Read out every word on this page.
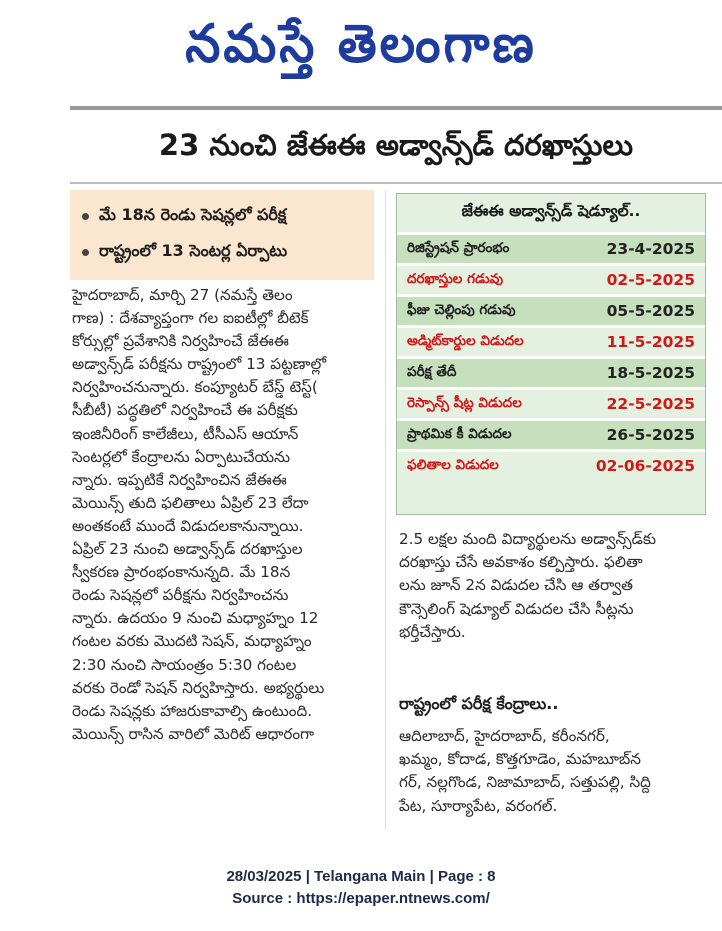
నమస్తే తెలంగాణ
23 నుంచి జేఈఈ అడ్వాన్స్‌డ్ దరఖాస్తులు
మే 18న రెండు సెషన్లలో పరీక్ష
రాష్ట్రంలో 13 సెంటర్ల ఏర్పాటు
హైదరాబాద్, మార్చి 27 (నమస్తే తెలం
గాణ) : దేశవ్యాప్తంగా గల ఐఐటీల్లో బీటెక్
కోర్సుల్లో ప్రవేశానికి నిర్వహించే జేఈఈ
అడ్వాన్స్‌డ్ పరీక్షను రాష్ట్రంలో 13 పట్టణాల్లో
నిర్వహించనున్నారు. కంప్యూటర్ బేస్డ్ టెస్ట్(
సీబీటీ) పద్ధతిలో నిర్వహించే ఈ పరీక్షకు
ఇంజినీరింగ్ కాలేజీలు, టీసీఎస్ ఆయాన్
సెంటర్లలో కేంద్రాలను ఏర్పాటుచేయను
న్నారు. ఇప్పటికే నిర్వహించిన జేఈఈ
మెయిన్స్ తుది ఫలితాలు ఏప్రిల్ 23 లేదా
అంతకంటే ముందే విడుదలకానున్నాయి.
ఏప్రిల్ 23 నుంచి అడ్వాన్స్‌డ్ దరఖాస్తుల
స్వీకరణ ప్రారంభంకానున్నది. మే 18న
రెండు సెషన్లలో పరీక్షను నిర్వహించను
న్నారు. ఉదయం 9 నుంచి మధ్యాహ్నం 12
గంటల వరకు మొదటి సెషన్, మధ్యాహ్నం
2:30 నుంచి సాయంత్రం 5:30 గంటల
వరకు రెండో సెషన్ నిర్వహిస్తారు. అభ్యర్థులు
రెండు సెషన్లకు హాజరుకావాల్సి ఉంటుంది.
మెయిన్స్ రాసిన వారిలో మెరిట్ ఆధారంగా
జేఈఈ అడ్వాన్స్‌డ్ షెడ్యూల్..
రిజిస్ట్రేషన్ ప్రారంభం	23-4-2025
దరఖాస్తుల గడువు	02-5-2025
ఫీజు చెల్లింపు గడువు	05-5-2025
అడ్మిట్‌కార్డుల విడుదల	11-5-2025
పరీక్ష తేదీ	18-5-2025
రెస్పాన్స్ షీట్ల విడుదల	22-5-2025
ప్రాథమిక కీ విడుదల	26-5-2025
ఫలితాల విడుదల	02-06-2025
2.5 లక్షల మంది విద్యార్థులను అడ్వాన్స్‌డ్‌కు
దరఖాస్తు చేసే అవకాశం కల్పిస్తారు. ఫలితా
లను జూన్ 2న విడుదల చేసి ఆ తర్వాత
కౌన్సెలింగ్ షెడ్యూల్ విడుదల చేసి సీట్లను
భర్తీచేస్తారు.
రాష్ట్రంలో పరీక్ష కేంద్రాలు..
ఆదిలాబాద్, హైదరాబాద్, కరీంనగర్,
ఖమ్మం, కోదాడ, కొత్తగూడెం, మహబూబ్‌న
గర్, నల్లగొండ, నిజామాబాద్, సత్తుపల్లి, సిద్ది
పేట, సూర్యాపేట, వరంగల్.
28/03/2025 | Telangana Main | Page : 8
Source : https://epaper.ntnews.com/
